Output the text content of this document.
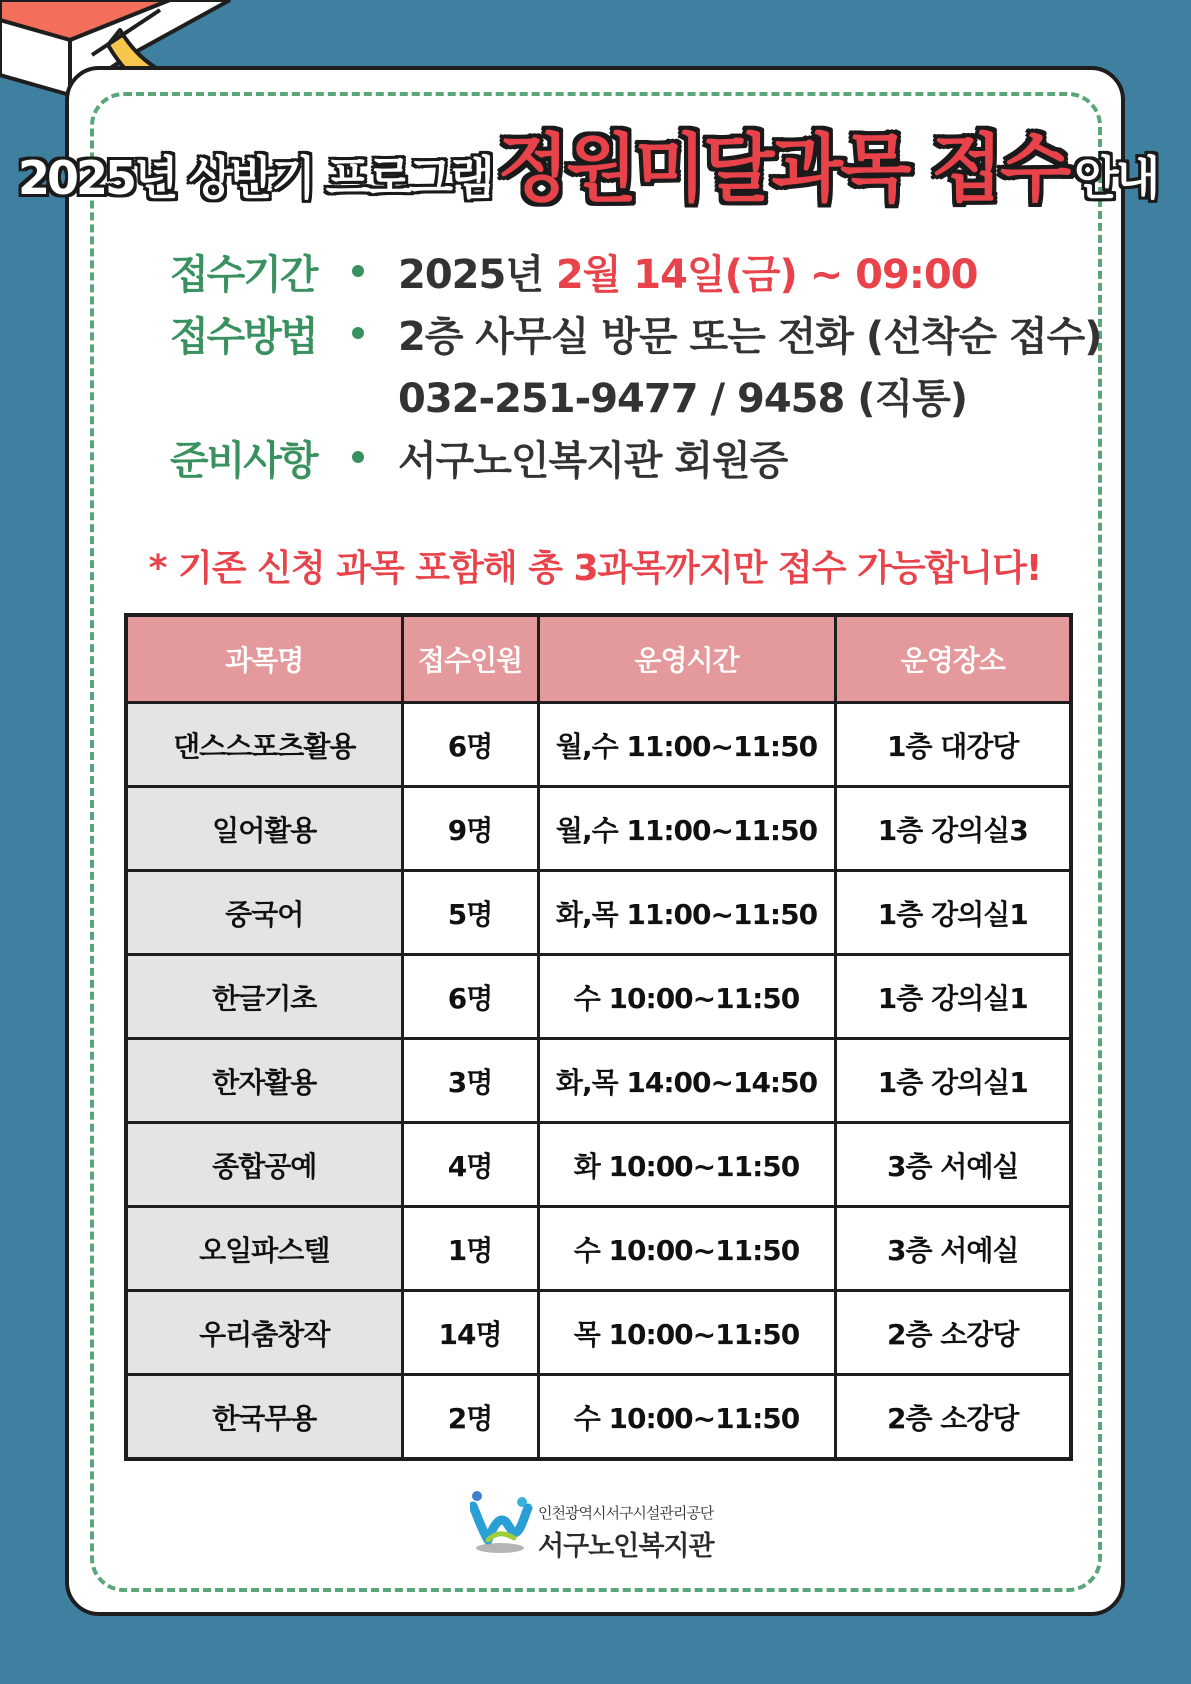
2025년 상반기 프로그램정원미달과목 접수 안내
접수기간	2025년 2월 14일(금) ~ 09:00
접수방법	2층 사무실 방문 또는 전화 (선착순 접수)
032-251-9477 / 9458 (직통)
준비사항	서구노인복지관 회원증
* 기존 신청 과목 포함해 총 3과목까지만 접수 가능합니다!
과목명	접수인원	운영시간	운영장소
댄스스포츠활용	6명	월,수 11:00~11:50	1층 대강당
일어활용	9명	월,수 11:00~11:50	1층 강의실3
중국어	5명	화,목 11:00~11:50	1층 강의실1
한글기초	6명	수 10:00~11:50	1층 강의실1
한자활용	3명	화,목 14:00~14:50	1층 강의실1
종합공예	4명	화 10:00~11:50	3층 서예실
오일파스텔	1명	수 10:00~11:50	3층 서예실
우리춤창작	14명	목 10:00~11:50	2층 소강당
한국무용	2명	수 10:00~11:50	2층 소강당
인천광역시서구시설관리공단
서구노인복지관
